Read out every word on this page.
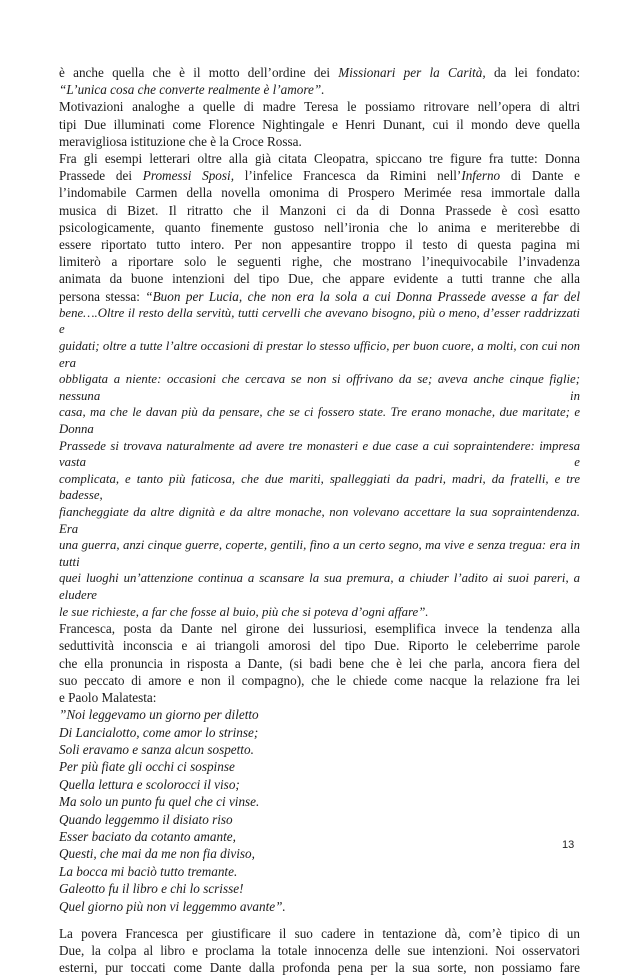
è anche quella che è il motto dell’ordine dei Missionari per la Carità, da lei fondato:
“L’unica cosa che converte realmente è l’amore”.
Motivazioni analoghe a quelle di madre Teresa le possiamo ritrovare nell’opera di altri
tipi Due illuminati come Florence Nightingale e Henri Dunant, cui il mondo deve quella
meravigliosa istituzione che è la Croce Rossa.
Fra gli esempi letterari oltre alla già citata Cleopatra, spiccano tre figure fra tutte: Donna
Prassede dei Promessi Sposi, l’infelice Francesca da Rimini nell’Inferno di Dante e
l’indomabile Carmen della novella omonima di Prospero Merimée resa immortale dalla
musica di Bizet. Il ritratto che il Manzoni ci da di Donna Prassede è così esatto
psicologicamente, quanto finemente gustoso nell’ironia che lo anima e meriterebbe di
essere riportato tutto intero. Per non appesantire troppo il testo di questa pagina mi
limiterò a riportare solo le seguenti righe, che mostrano l’inequivocabile l’invadenza
animata da buone intenzioni del tipo Due, che appare evidente a tutti tranne che alla
persona stessa: “Buon per Lucia, che non era la sola a cui Donna Prassede avesse a far del
bene….Oltre il resto della servitù, tutti cervelli che avevano bisogno, più o meno, d’esser raddrizzati e
guidati; oltre a tutte l’altre occasioni di prestar lo stesso ufficio, per buon cuore, a molti, con cui non era
obbligata a niente: occasioni che cercava se non si offrivano da se; aveva anche cinque figlie; nessuna in
casa, ma che le davan più da pensare, che se ci fossero state. Tre erano monache, due maritate; e Donna
Prassede si trovava naturalmente ad avere tre monasteri e due case a cui sopraintendere: impresa vasta e
complicata, e tanto più faticosa, che due mariti, spalleggiati da padri, madri, da fratelli, e tre badesse,
fiancheggiate da altre dignità e da altre monache, non volevano accettare la sua sopraintendenza. Era
una guerra, anzi cinque guerre, coperte, gentili, fino a un certo segno, ma vive e senza tregua: era in tutti
quei luoghi un’attenzione continua a scansare la sua premura, a chiuder l’adito ai suoi pareri, a eludere
le sue richieste, a far che fosse al buio, più che si poteva d’ogni affare”.
Francesca, posta da Dante nel girone dei lussuriosi, esemplifica invece la tendenza alla
seduttività inconscia e ai triangoli amorosi del tipo Due. Riporto le celeberrime parole
che ella pronuncia in risposta a Dante, (si badi bene che è lei che parla, ancora fiera del
suo peccato di amore e non il compagno), che le chiede come nacque la relazione fra lei
e Paolo Malatesta:
”Noi leggevamo un giorno per diletto
Di Lancialotto, come amor lo strinse;
Soli eravamo e sanza alcun sospetto.
Per più fiate gli occhi ci sospinse
Quella lettura e scolorocci il viso;
Ma solo un punto fu quel che ci vinse.
Quando leggemmo il disiato riso
Esser baciato da cotanto amante,
Questi, che mai da me non fia diviso,
La bocca mi baciò tutto tremante.
Galeotto fu il libro e chi lo scrisse!
Quel giorno più non vi leggemmo avante”.
La povera Francesca per giustificare il suo cadere in tentazione dà, com’è tipico di un
Due, la colpa al libro e proclama la totale innocenza delle sue intenzioni. Noi osservatori
esterni, pur toccati come Dante dalla profonda pena per la sua sorte, non possiamo fare
13
